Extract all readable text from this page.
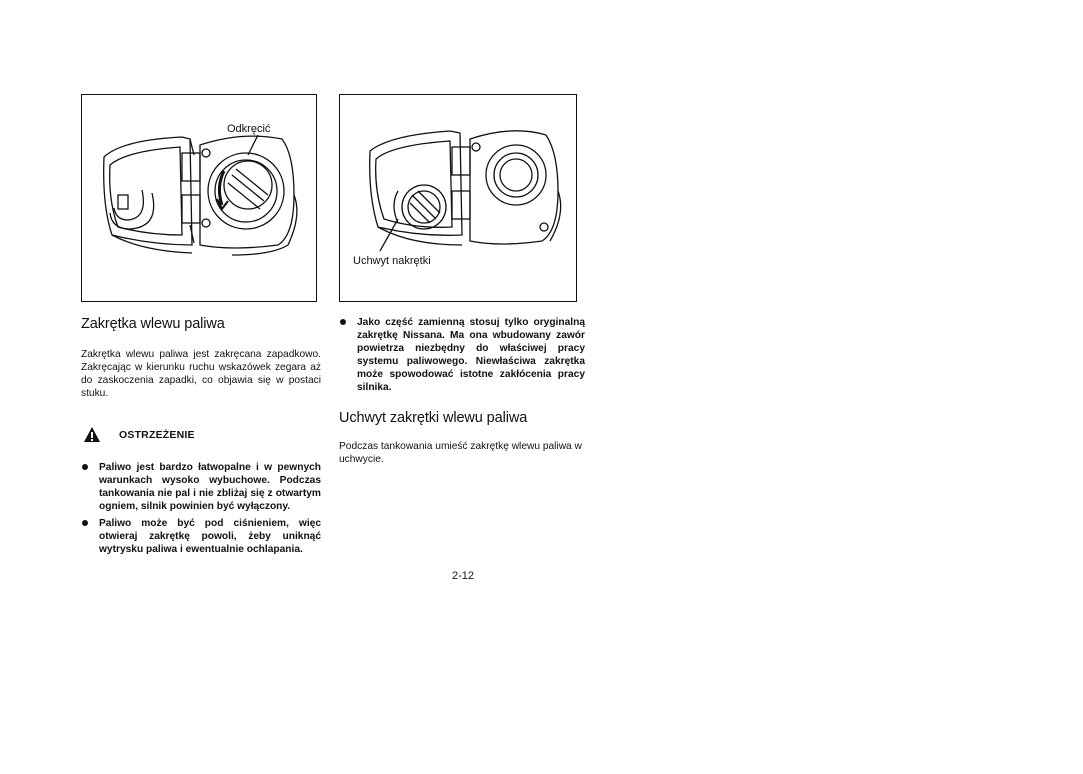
Odkręcić
Uchwyt nakrętki
Zakrętka wlewu paliwa

Zakrętka wlewu paliwa jest zakręcana zapadkowo. Zakręcając w kierunku ruchu wskazówek zegara aż do zaskoczenia zapadki, co objawia się w postaci stuku.

OSTRZEŻENIE
Paliwo jest bardzo łatwopalne i w pewnych warunkach wysoko wybuchowe. Podczas tankowania nie pal i nie zbliżaj się z otwartym ogniem, silnik powinien być wyłączony.
Paliwo może być pod ciśnieniem, więc otwieraj zakrętkę powoli, żeby uniknąć wytrysku paliwa i ewentualnie ochlapania.
Jako część zamienną stosuj tylko oryginalną zakrętkę Nissana. Ma ona wbudowany zawór powietrza niezbędny do właściwej pracy systemu paliwowego. Niewłaściwa zakrętka może spowodować istotne zakłócenia pracy silnika.
Uchwyt zakrętki wlewu paliwa

Podczas tankowania umieść zakrętkę wlewu paliwa w uchwycie.

2-12
